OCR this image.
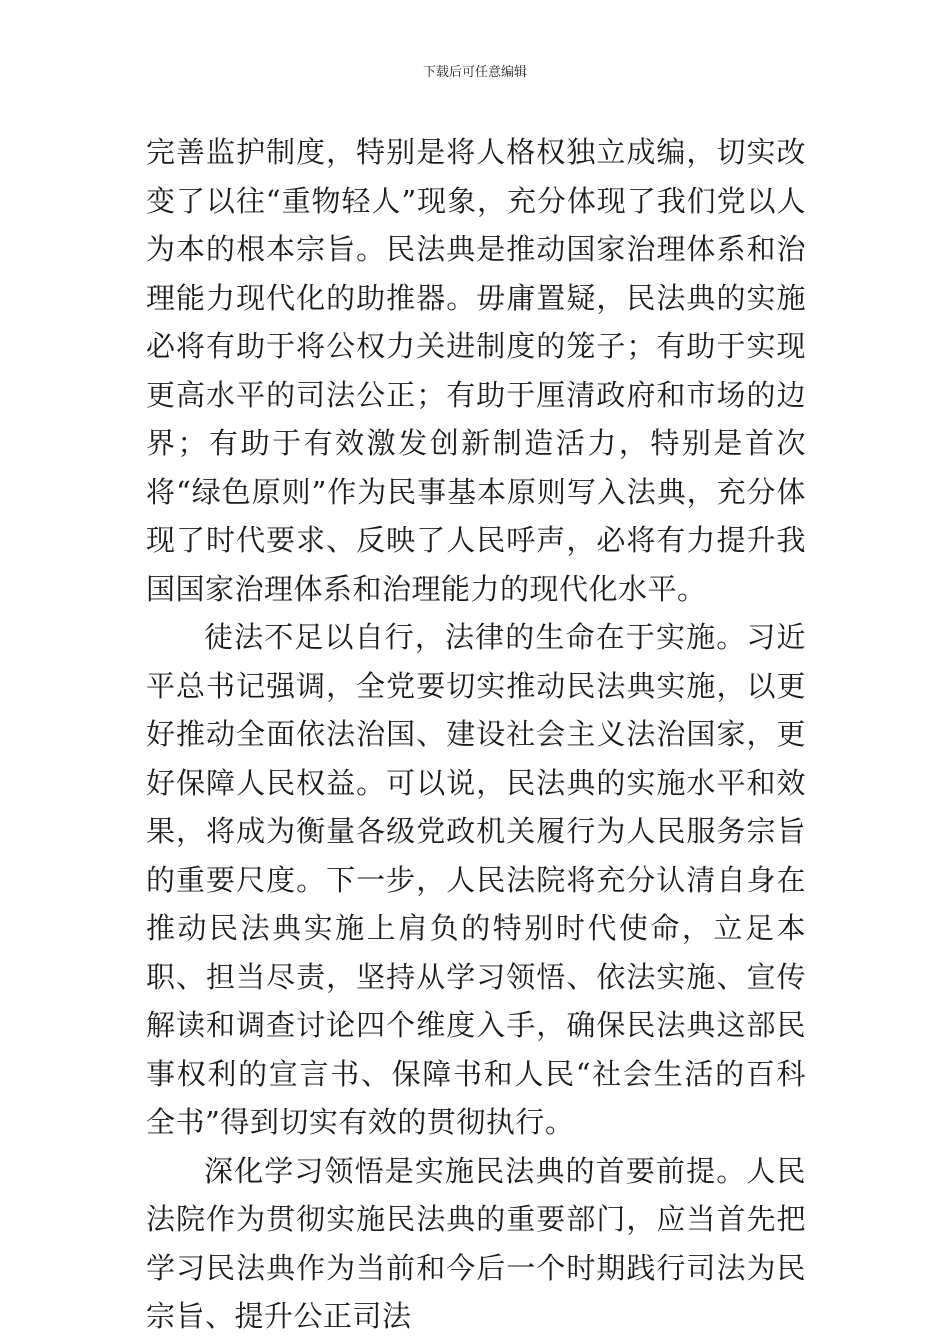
下载后可任意编辑

完善监护制度，特别是将人格权独立成编，切实改变了以往“重物轻人”现象，充分体现了我们党以人为本的根本宗旨。民法典是推动国家治理体系和治理能力现代化的助推器。毋庸置疑，民法典的实施必将有助于将公权力关进制度的笼子；有助于实现更高水平的司法公正；有助于厘清政府和市场的边界；有助于有效激发创新制造活力，特别是首次将“绿色原则”作为民事基本原则写入法典，充分体现了时代要求、反映了人民呼声，必将有力提升我国国家治理体系和治理能力的现代化水平。

徒法不足以自行，法律的生命在于实施。习近平总书记强调，全党要切实推动民法典实施，以更好推动全面依法治国、建设社会主义法治国家，更好保障人民权益。可以说，民法典的实施水平和效果，将成为衡量各级党政机关履行为人民服务宗旨的重要尺度。下一步，人民法院将充分认清自身在推动民法典实施上肩负的特别时代使命，立足本职、担当尽责，坚持从学习领悟、依法实施、宣传解读和调查讨论四个维度入手，确保民法典这部民事权利的宣言书、保障书和人民“社会生活的百科全书”得到切实有效的贯彻执行。

深化学习领悟是实施民法典的首要前提。人民法院作为贯彻实施民法典的重要部门，应当首先把学习民法典作为当前和今后一个时期践行司法为民宗旨、提升公正司法
